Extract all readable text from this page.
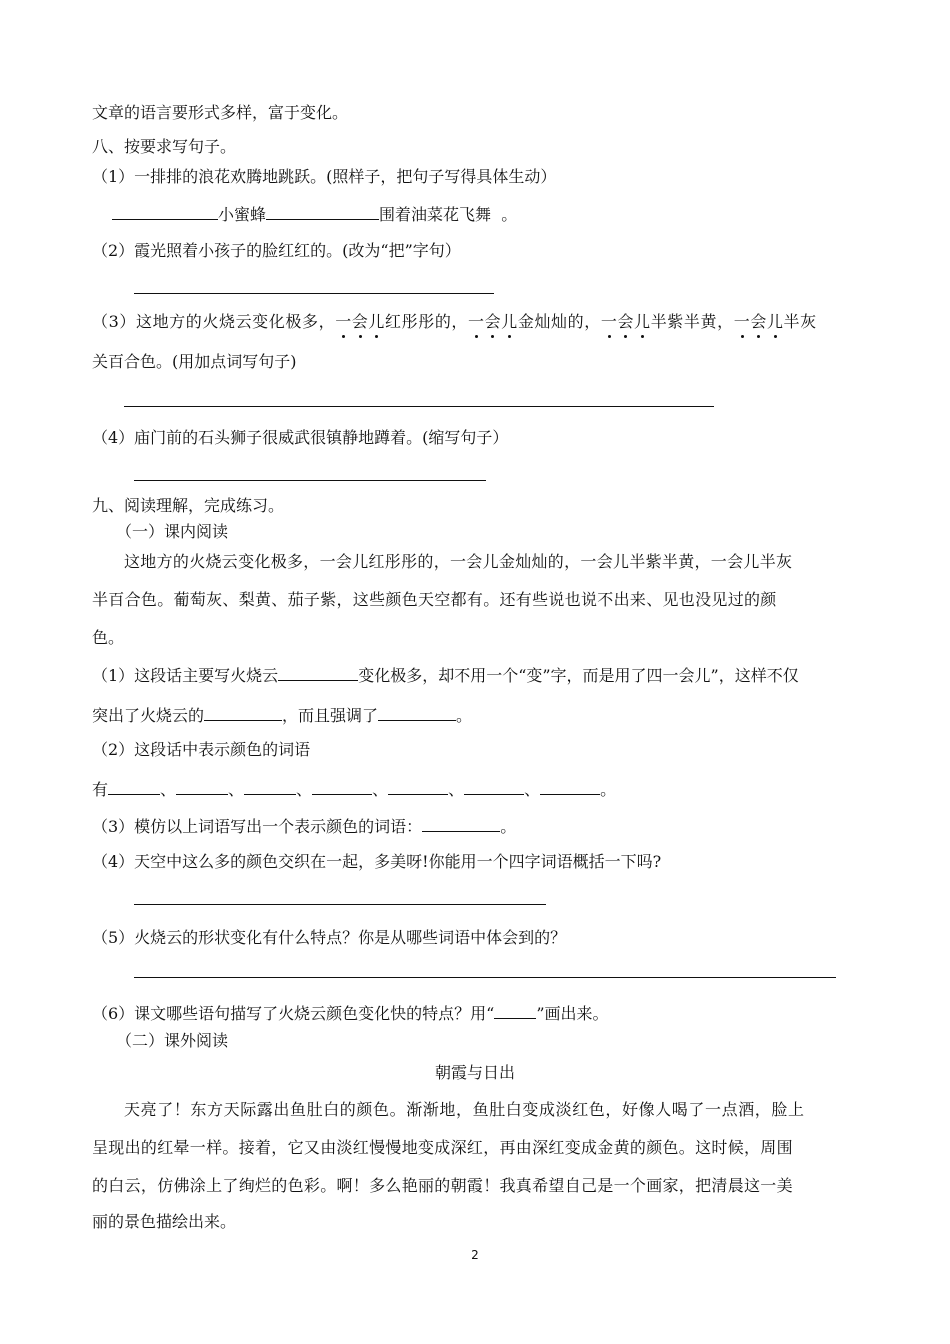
文章的语言要形式多样，富于变化。
八、按要求写句子。
（1）一排排的浪花欢腾地跳跃。(照样子，把句子写得具体生动）
小蜜蜂	围着油菜花飞舞 。
（2）霞光照着小孩子的脸红红的。(改为“把”字句）
（3）这地方的火烧云变化极多，一会儿红彤彤的，一会儿金灿灿的，一会儿半紫半黄，一会儿半灰
关百合色。(用加点词写句子)
（4）庙门前的石头狮子很威武很镇静地蹲着。(缩写句子）
九、阅读理解，完成练习。
（一）课内阅读
这地方的火烧云变化极多，一会儿红彤彤的，一会儿金灿灿的，一会儿半紫半黄，一会儿半灰
半百合色。葡萄灰、梨黄、茄子紫，这些颜色天空都有。还有些说也说不出来、见也没见过的颜
色。
（1）这段话主要写火烧云	变化极多，却不用一个“变”字，而是用了四一会儿”，这样不仅
突出了火烧云的	，而且强调了	。
（2）这段话中表示颜色的词语
有	、	、	、	、	、	、	。
（3）模仿以上词语写出一个表示颜色的词语：	。
（4）天空中这么多的颜色交织在一起，多美呀!你能用一个四字词语概括一下吗?
（5）火烧云的形状变化有什么特点？你是从哪些词语中体会到的？
（6）课文哪些语句描写了火烧云颜色变化快的特点？用“	”画出来。
（二）课外阅读
朝霞与日出
天亮了！东方天际露出鱼肚白的颜色。渐渐地，鱼肚白变成淡红色，好像人喝了一点酒，脸上
呈现出的红晕一样。接着，它又由淡红慢慢地变成深红，再由深红变成金黄的颜色。这时候，周围
的白云，仿佛涂上了绚烂的色彩。啊！多么艳丽的朝霞！我真希望自己是一个画家，把清晨这一美
丽的景色描绘出来。
2
